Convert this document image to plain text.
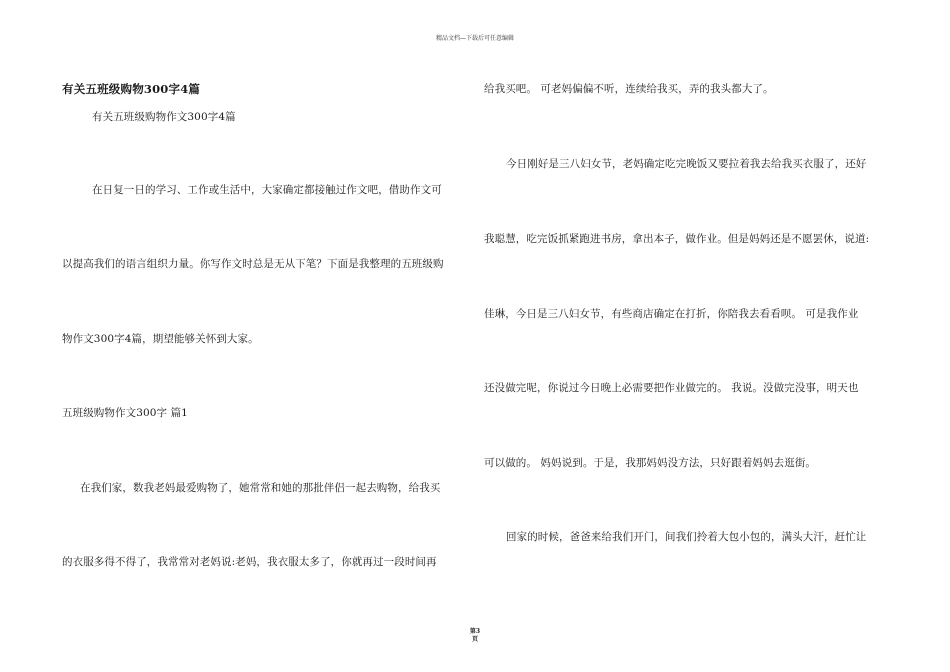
精品文档—下载后可任意编辑
有关五班级购物300字4篇
有关五班级购物作文300字4篇
在日复一日的学习、工作或生活中，大家确定都接触过作文吧，借助作文可
以提高我们的语言组织力量。你写作文时总是无从下笔？下面是我整理的五班级购
物作文300字4篇，期望能够关怀到大家。
五班级购物作文300字 篇1
在我们家，数我老妈最爱购物了，她常常和她的那批伴侣一起去购物，给我买
的衣服多得不得了，我常常对老妈说:老妈，我衣服太多了，你就再过一段时间再
给我买吧。 可老妈偏偏不听，连续给我买，弄的我头都大了。
今日刚好是三八妇女节，老妈确定吃完晚饭又要拉着我去给我买衣服了，还好
我聪慧，吃完饭抓紧跑进书房，拿出本子，做作业。但是妈妈还是不愿罢休，说道:
佳琳，今日是三八妇女节，有些商店确定在打折，你陪我去看看呗。 可是我作业
还没做完呢，你说过今日晚上必需要把作业做完的。 我说。没做完没事，明天也
可以做的。 妈妈说到。于是，我那妈妈没方法，只好跟着妈妈去逛街。
回家的时候，爸爸来给我们开门，间我们拎着大包小包的，满头大汗，赶忙让
第3
页
